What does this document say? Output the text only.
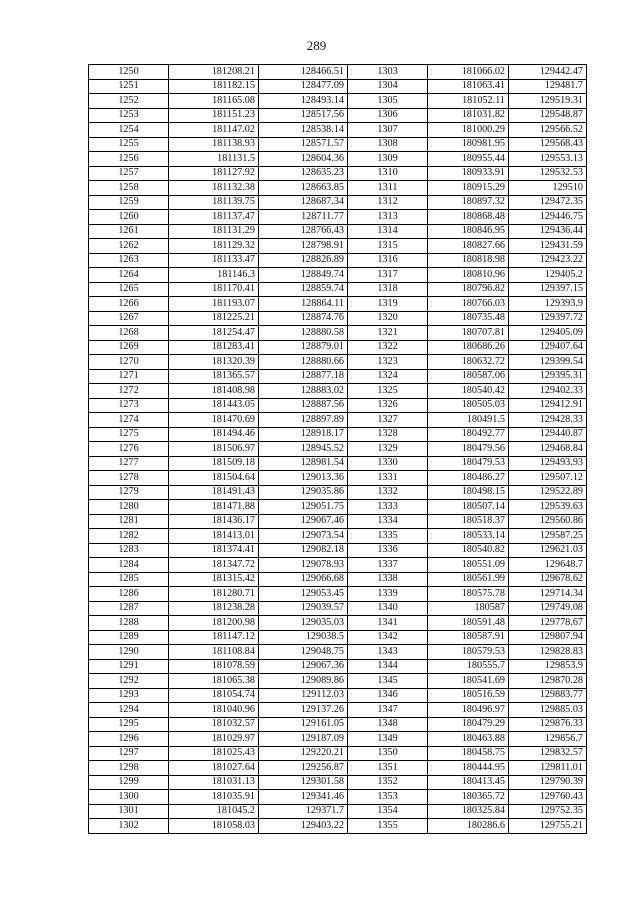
289
1250	181208.21	128466.51	1303	181066.02	129442.47
1251	181182.15	128477.09	1304	181063.41	129481.7
1252	181165.08	128493.14	1305	181052.11	129519.31
1253	181151.23	128517.56	1306	181031.82	129548.87
1254	181147.02	128538.14	1307	181000.29	129566.52
1255	181138.93	128571.57	1308	180981.95	129568.43
1256	181131.5	128604.36	1309	180955.44	129553.13
1257	181127.92	128635.23	1310	180933.91	129532.53
1258	181132.38	128663.85	1311	180915.29	129510
1259	181139.75	128687.34	1312	180897.32	129472.35
1260	181137.47	128711.77	1313	180868.48	129446.75
1261	181131.29	128766.43	1314	180846.95	129436.44
1262	181129.32	128798.91	1315	180827.66	129431.59
1263	181133.47	128826.89	1316	180818.98	129423.22
1264	181146.3	128849.74	1317	180810.96	129405.2
1265	181170.41	128859.74	1318	180796.82	129397.15
1266	181193.07	128864.11	1319	180766.03	129393.9
1267	181225.21	128874.76	1320	180735.48	129397.72
1268	181254.47	128880.58	1321	180707.81	129405.09
1269	181283.41	128879.01	1322	180686.26	129407.64
1270	181320.39	128880.66	1323	180632.72	129399.54
1271	181365.57	128877.18	1324	180587.06	129395.31
1272	181408.98	128883.02	1325	180540.42	129402.33
1273	181443.05	128887.56	1326	180505.03	129412.91
1274	181470.69	128897.89	1327	180491.5	129428.33
1275	181494.46	128918.17	1328	180492.77	129440.87
1276	181506.97	128945.52	1329	180479.56	129468.84
1277	181509.18	128981.54	1330	180479.53	129493.93
1278	181504.64	129013.36	1331	180486.27	129507.12
1279	181491.43	129035.86	1332	180498.15	129522.89
1280	181471.88	129051.75	1333	180507.14	129539.63
1281	181436.17	129067.46	1334	180518.37	129560.86
1282	181413.01	129073.54	1335	180533.14	129587.25
1283	181374.41	129082.18	1336	180540.82	129621.03
1284	181347.72	129078.93	1337	180551.09	129648.7
1285	181315.42	129066.68	1338	180561.99	129678.62
1286	181280.71	129053.45	1339	180575.78	129714.34
1287	181238.28	129039.57	1340	180587	129749.08
1288	181200.98	129035.03	1341	180591.48	129778.67
1289	181147.12	129038.5	1342	180587.91	129807.94
1290	181108.84	129048.75	1343	180579.53	129828.83
1291	181078.59	129067.36	1344	180555.7	129853.9
1292	181065.38	129089.86	1345	180541.69	129870.28
1293	181054.74	129112.03	1346	180516.59	129883.77
1294	181040.96	129137.26	1347	180496.97	129885.03
1295	181032.57	129161.05	1348	180479.29	129876.33
1296	181029.97	129187.09	1349	180463.88	129856.7
1297	181025.43	129220.21	1350	180458.75	129832.57
1298	181027.64	129256.87	1351	180444.95	129811.01
1299	181031.13	129301.58	1352	180413.45	129790.39
1300	181035.91	129341.46	1353	180365.72	129760.43
1301	181045.2	129371.7	1354	180325.84	129752.35
1302	181058.03	129403.22	1355	180286.6	129755.21
